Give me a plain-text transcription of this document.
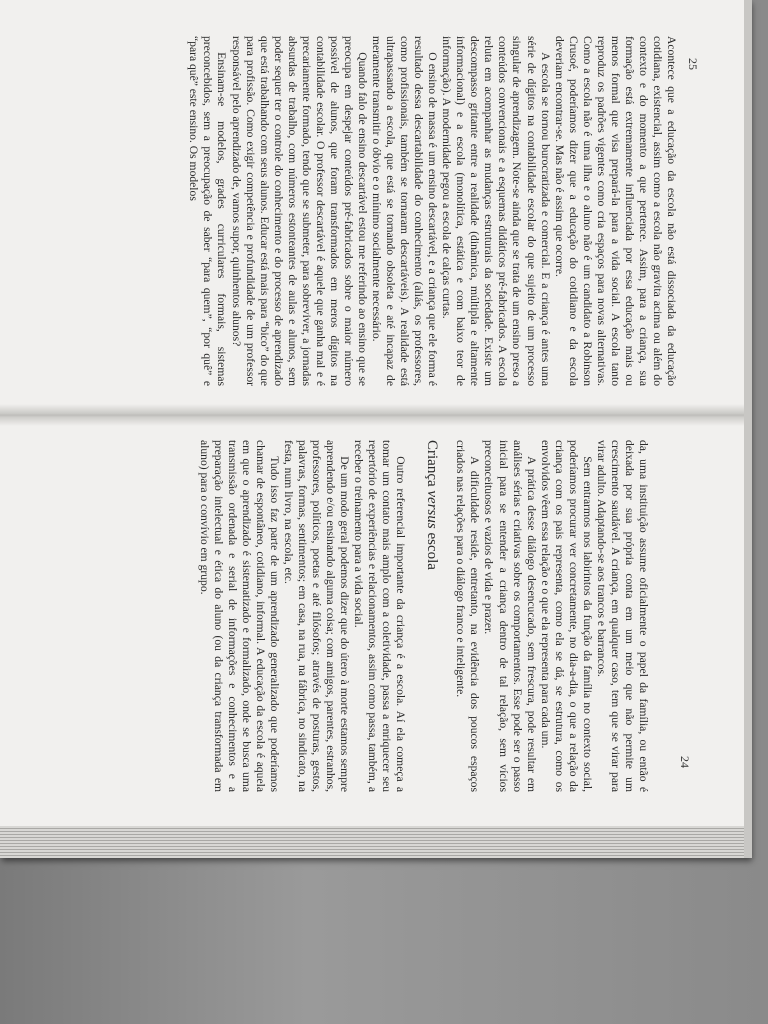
Acontece que a educação da escola não está dissociada da educação cotidiana, existencial, assim como a escola não gravita acima ou além do contexto e do momento a que pertence. Assim, para a criança, sua formação está extremamente influenciada por essa educação mais ou menos formal que visa prepará-la para a vida social. A escola tanto reproduz os padrões vigentes como cria espaços para novas alternativas. Como a escola não é uma ilha e o aluno não é um candidato a Robinson Crusoé, poderíamos dizer que a educação do cotidiano e da escola deveriam encontrar-se. Mas não é assim que ocorre.

A escola se tornou burocratizada e comercial. E a criança é antes uma série de dígitos na contabilidade escolar do que sujeito de um processo singular de aprendizagem. Note-se ainda que se trata de um ensino preso a conteúdos convencionais e a esquemas didáticos pré-fabricados. A escola reluta em acompanhar as mudanças estruturais da sociedade. Existe um descompasso gritante entre a realidade (dinâmica, múltipla e altamente informacional) e a escola (monolítica, estática e com baixo teor de informação). A modernidade pegou a escola de calças curtas.

O ensino de massa é um ensino descartável, e a criança que ele forma é resultado dessa descartabilidade do conhecimento (aliás, os professores, como profissionais, também se tornaram descartáveis). A realidade está ultrapassando a escola, que está se tornando obsoleta e até incapaz de meramente transmitir o óbvio e o mínimo socialmente necessário.

Quando falo de ensino descartável estou me referindo ao ensino que se preocupa em despejar conteúdos pré-fabricados sobre o maior número possível de alunos, que foram transformados em meros dígitos na contabilidade escolar. O professor descartável é aquele que ganha mal e é precariamente formado, tendo que se submeter, para sobreviver, a jornadas absurdas de trabalho, com números estonteantes de aulas e alunos, sem poder sequer ter o controle do conhecimento e do processo de aprendizado que está trabalhando com seus alunos. Educar está mais para “bico” do que para profissão. Como exigir competência e profundidade de um professor responsável pelo aprendizado de, vamos supor, quinhentos alunos?

Ensinam-se modelos, grades curriculares formais, sistemas preconcebidos, sem a preocupação de saber “para quem”, “por quê” e “para quê” este ensino. Os modelos	25

da, uma instituição assume oficialmente o papel da família, ou então é deixada por sua própria conta em um meio que não permite um crescimento saudável. A criança, em qualquer caso, tem que se virar para virar adulto. Adaptando-se aos trancos e barrancos.

Sem entrarmos nos labirintos da função da família no contexto social, poderíamos procurar ver concretamente, no dia-a-dia, o que a relação da criança com os pais representa, como ela se dá, se estrutura, como os envolvidos vêem essa relação e o que ela representa para cada um.

A prática desse diálogo desencucado, sem frescura, pode resultar em análises sérias e criativas sobre os comportamentos. Esse pode ser o passo inicial para se entender a criança dentro de tal relação, sem vícios preconceituosos e vazios de vida e prazer.

A dificuldade reside, entretanto, na evidência dos poucos espaços criados nas relações para o diálogo franco e inteligente.

Criança versus escola

Outro referencial importante da criança é a escola. Aí ela começa a tomar um contato mais amplo com a coletividade, passa a enriquecer seu repertório de experiências e relacionamentos, assim como passa, também, a receber o treinamento para a vida social.

De um modo geral podemos dizer que do útero à morte estamos sempre aprendendo e/ou ensinando alguma coisa; com amigos, parentes, estranhos, professores, políticos, poetas e até filósofos; através de posturas, gestos, palavras, formas, sentimentos; em casa, na rua, na fábrica, no sindicato, na festa, num livro, na escola, etc.

Tudo isso faz parte de um aprendizado generalizado que poderíamos chamar de espontâneo, cotidiano, informal. A educação da escola é aquela em que o aprendizado é sistematizado e formalizado, onde se busca uma transmissão ordenada e serial de informações e conhecimentos e a preparação intelectual e ética do aluno (ou da criança transformada em aluno) para o convívio em grupo.

24
